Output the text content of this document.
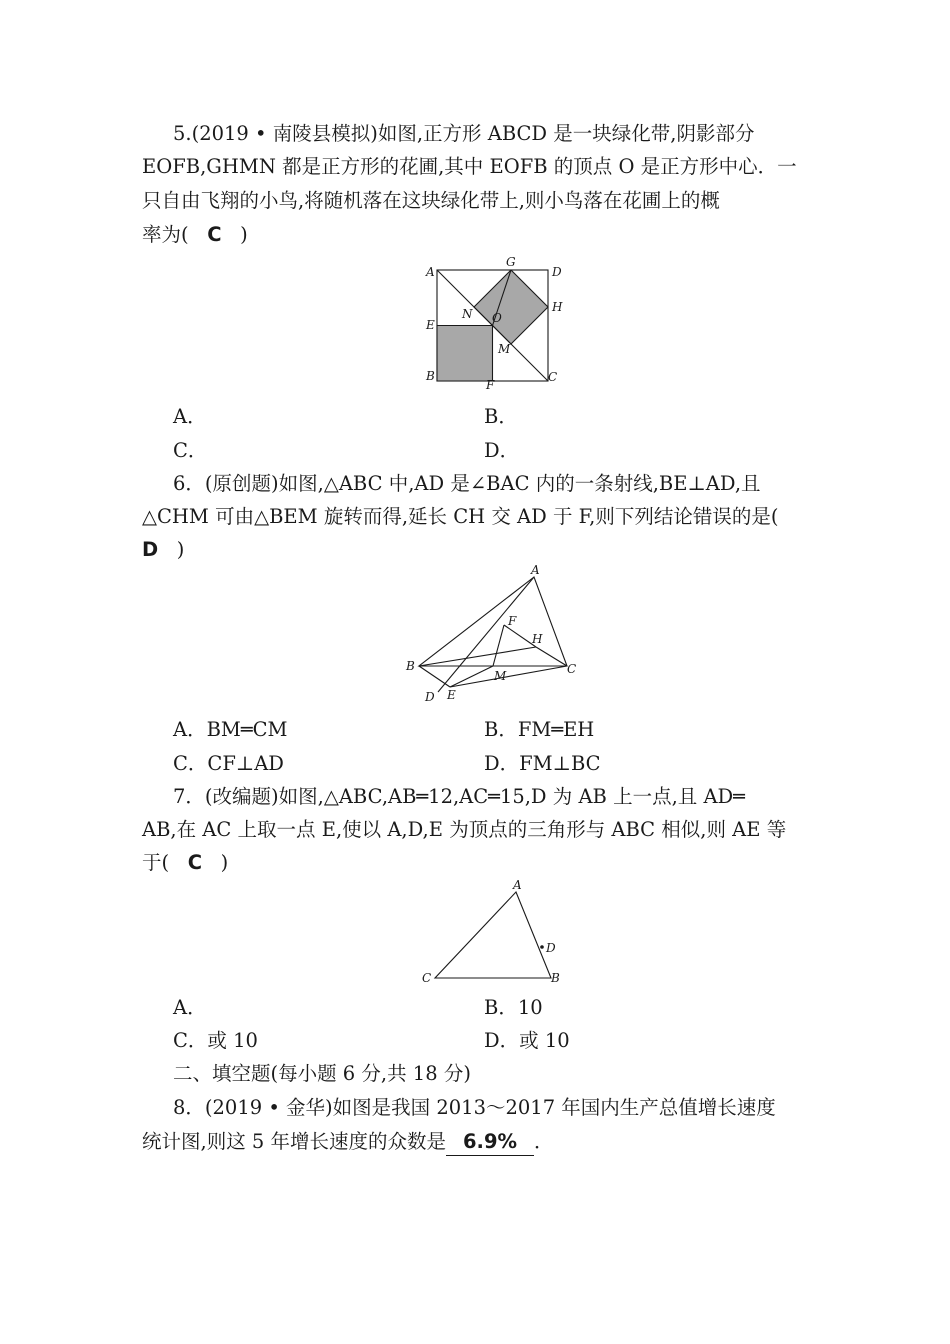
5.(2019 • 南陵县模拟)如图,正方形 ABCD 是一块绿化带,阴影部分
EOFB,GHMN 都是正方形的花圃,其中 EOFB 的顶点 O 是正方形中心．一
只自由飞翔的小鸟,将随机落在这块绿化带上,则小鸟落在花圃上的概
率为( C )
A
G
D
H
N O
E
M
B
F
C
A．	B．
C．	D．
6．(原创题)如图,△ABC 中,AD 是∠BAC 内的一条射线,BE⊥AD,且
△CHM 可由△BEM 旋转而得,延长 CH 交 AD 于 F,则下列结论错误的是(
D )
A
F
H
B
M	C
D E
A．BM═CM	B．FM═EH
C．CF⊥AD	D．FM⊥BC
7．(改编题)如图,△ABC,AB═12,AC═15,D 为 AB 上一点,且 AD═
AB,在 AC 上取一点 E,使以 A,D,E 为顶点的三角形与 ABC 相似,则 AE 等
于( C )
A
D
C	B
A．	B．10
C．或 10	D．或 10
二、填空题(每小题 6 分,共 18 分)
8．(2019 • 金华)如图是我国 2013～2017 年国内生产总值增长速度
统计图,则这 5 年增长速度的众数是 6.9% ．
